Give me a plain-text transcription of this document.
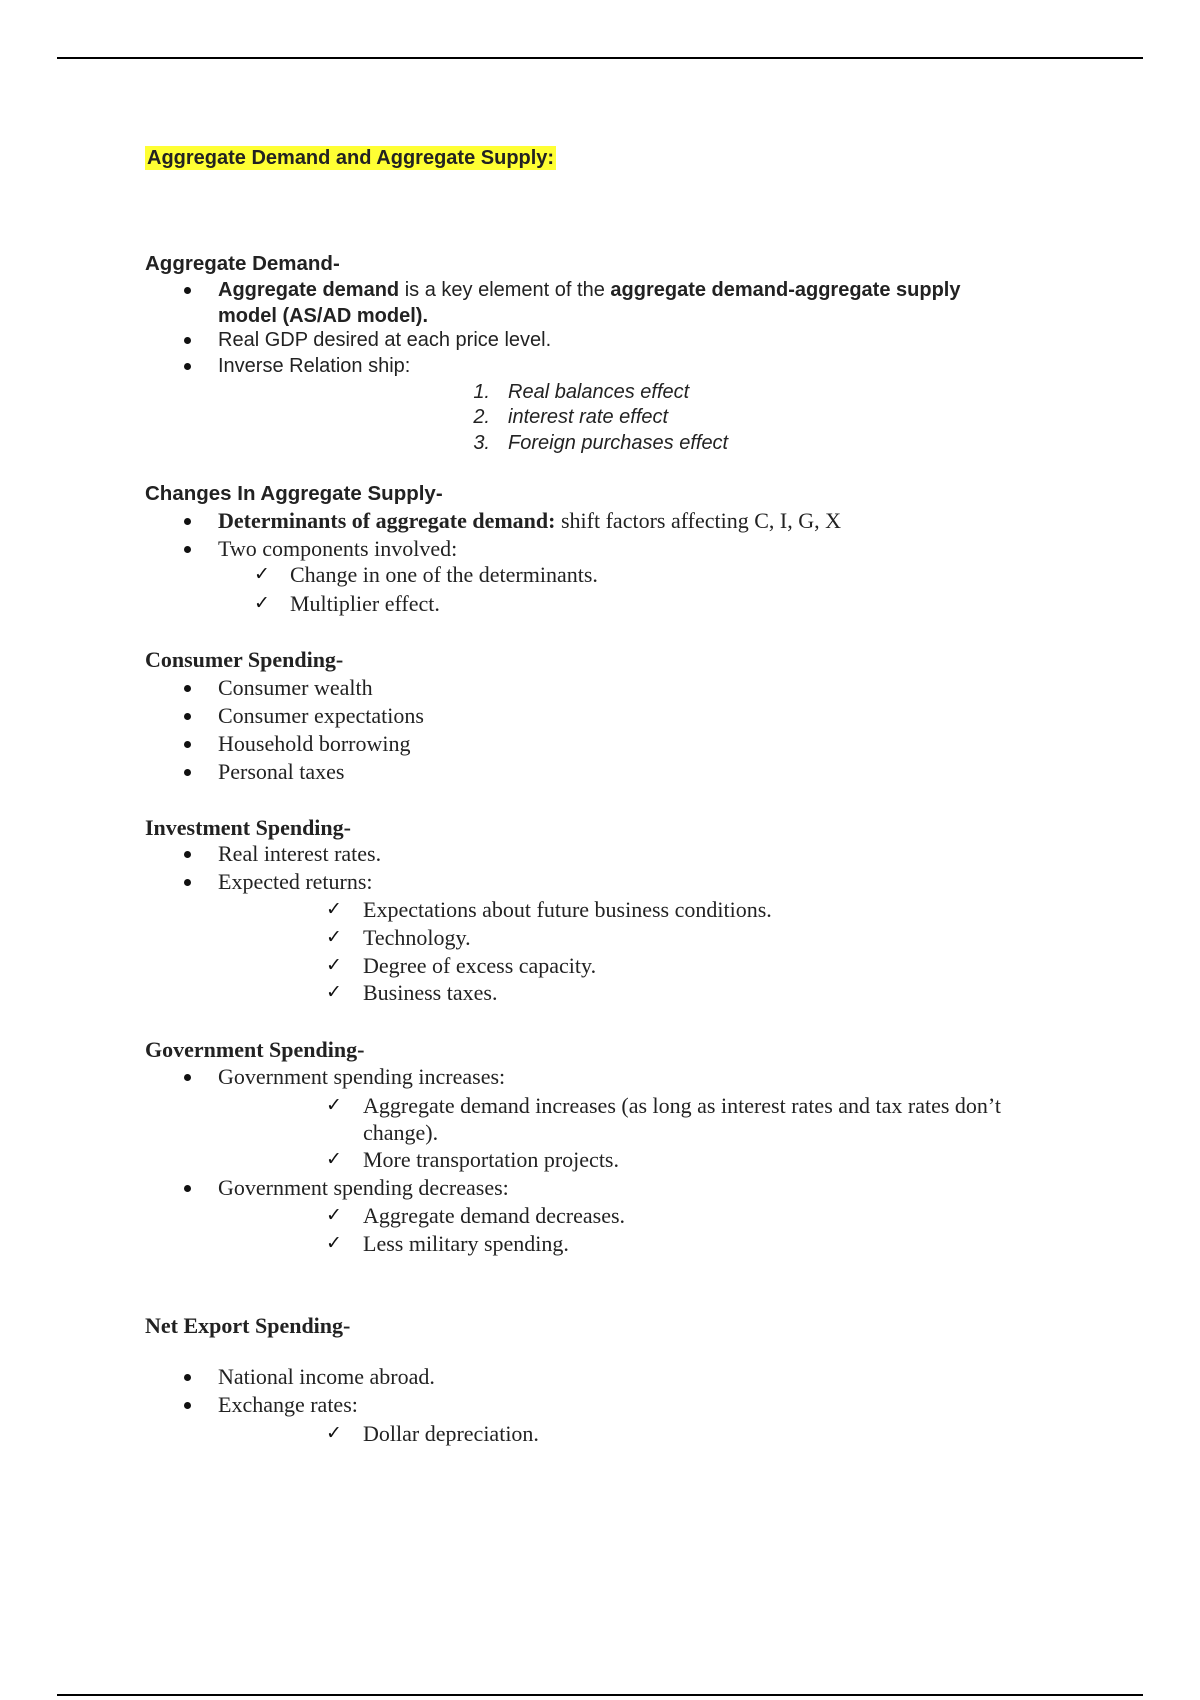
Aggregate Demand and Aggregate Supply:
Aggregate Demand-
Aggregate demand is a key element of the aggregate demand-aggregate supply
model (AS/AD model).
Real GDP desired at each price level.
Inverse Relation ship:
1. Real balances effect
2. interest rate effect
3. Foreign purchases effect
Changes In Aggregate Supply-
Determinants of aggregate demand: shift factors affecting C, I, G, X
Two components involved:
✓ Change in one of the determinants.
✓ Multiplier effect.
Consumer Spending-
Consumer wealth
Consumer expectations
Household borrowing
Personal taxes
Investment Spending-
Real interest rates.
Expected returns:
✓ Expectations about future business conditions.
✓ Technology.
✓ Degree of excess capacity.
✓ Business taxes.
Government Spending-
Government spending increases:
✓ Aggregate demand increases (as long as interest rates and tax rates don’t
change).
✓ More transportation projects.
Government spending decreases:
✓ Aggregate demand decreases.
✓ Less military spending.
Net Export Spending-
National income abroad.
Exchange rates:
✓ Dollar depreciation.
